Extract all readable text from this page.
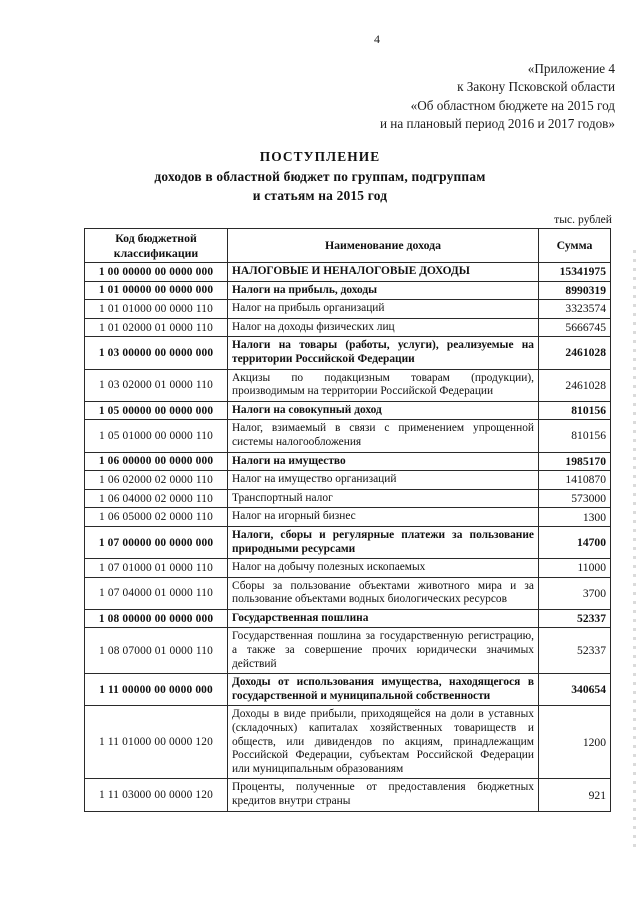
4
«Приложение 4
к Закону Псковской области
«Об областном бюджете на 2015 год
и на плановый период 2016 и 2017 годов»
ПОСТУПЛЕНИЕ
доходов в областной бюджет по группам, подгруппам
и статьям на 2015 год
тыс. рублей
Код бюджетной классификации	Наименование дохода	Сумма
1 00 00000 00 0000 000	НАЛОГОВЫЕ И НЕНАЛОГОВЫЕ ДОХОДЫ	15341975
1 01 00000 00 0000 000	Налоги на прибыль, доходы	8990319
1 01 01000 00 0000 110	Налог на прибыль организаций	3323574
1 01 02000 01 0000 110	Налог на доходы физических лиц	5666745
1 03 00000 00 0000 000	Налоги на товары (работы, услуги), реализуемые на территории Российской Федерации	2461028
1 03 02000 01 0000 110	Акцизы по подакцизным товарам (продукции), производимым на территории Российской Федерации	2461028
1 05 00000 00 0000 000	Налоги на совокупный доход	810156
1 05 01000 00 0000 110	Налог, взимаемый в связи с применением упрощенной системы налогообложения	810156
1 06 00000 00 0000 000	Налоги на имущество	1985170
1 06 02000 02 0000 110	Налог на имущество организаций	1410870
1 06 04000 02 0000 110	Транспортный налог	573000
1 06 05000 02 0000 110	Налог на игорный бизнес	1300
1 07 00000 00 0000 000	Налоги, сборы и регулярные платежи за пользование природными ресурсами	14700
1 07 01000 01 0000 110	Налог на добычу полезных ископаемых	11000
1 07 04000 01 0000 110	Сборы за пользование объектами животного мира и за пользование объектами водных биологических ресурсов	3700
1 08 00000 00 0000 000	Государственная пошлина	52337
1 08 07000 01 0000 110	Государственная пошлина за государственную регистрацию, а также за совершение прочих юридически значимых действий	52337
1 11 00000 00 0000 000	Доходы от использования имущества, находящегося в государственной и муниципальной собственности	340654
1 11 01000 00 0000 120	Доходы в виде прибыли, приходящейся на доли в уставных (складочных) капиталах хозяйственных товариществ и обществ, или дивидендов по акциям, принадлежащим Российской Федерации, субъектам Российской Федерации или муниципальным образованиям	1200
1 11 03000 00 0000 120	Проценты, полученные от предоставления бюджетных кредитов внутри страны	921
